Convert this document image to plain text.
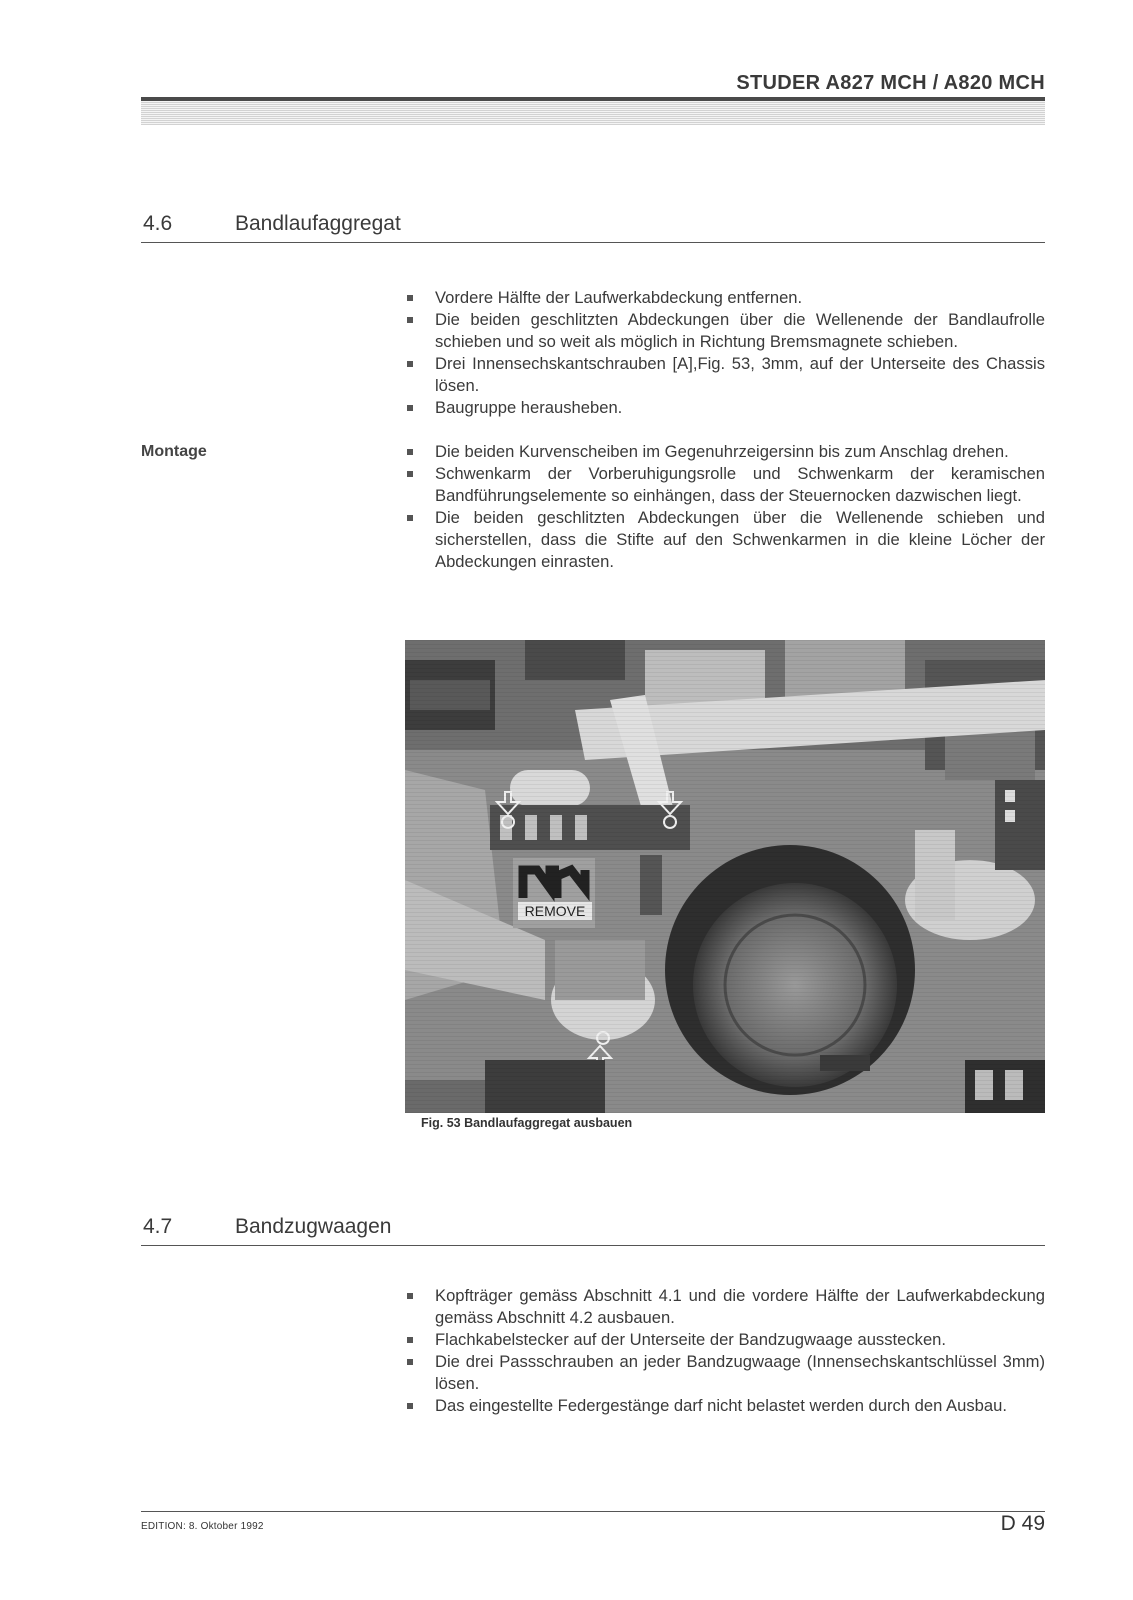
STUDER A827 MCH / A820 MCH
4.6	Bandlaufaggregat
Vordere Hälfte der Laufwerkabdeckung entfernen.
Die beiden geschlitzten Abdeckungen über die Wellenende der Bandlaufrolle schieben und so weit als möglich in Richtung Bremsmagnete schieben.
Drei Innensechskantschrauben [A],Fig. 53, 3mm, auf der Unterseite des Chassis lösen.
Baugruppe herausheben.
Montage	Die beiden Kurvenscheiben im Gegenuhrzeigersinn bis zum Anschlag drehen.
Schwenkarm der Vorberuhigungsrolle und Schwenkarm der keramischen Bandführungselemente so einhängen, dass der Steuernocken dazwischen liegt.
Die beiden geschlitzten Abdeckungen über die Wellenende schieben und sicherstellen, dass die Stifte auf den Schwenkarmen in die kleine Löcher der Abdeckungen einrasten.
Fig. 53 Bandlaufaggregat ausbauen
4.7	Bandzugwaagen
Kopfträger gemäss Abschnitt 4.1 und die vordere Hälfte der Laufwerkabdeckung gemäss Abschnitt 4.2 ausbauen.
Flachkabelstecker auf der Unterseite der Bandzugwaage ausstecken.
Die drei Passschrauben an jeder Bandzugwaage (Innensechskantschlüssel 3mm) lösen.
Das eingestellte Federgestänge darf nicht belastet werden durch den Ausbau.
EDITION: 8. Oktober 1992	D 49
